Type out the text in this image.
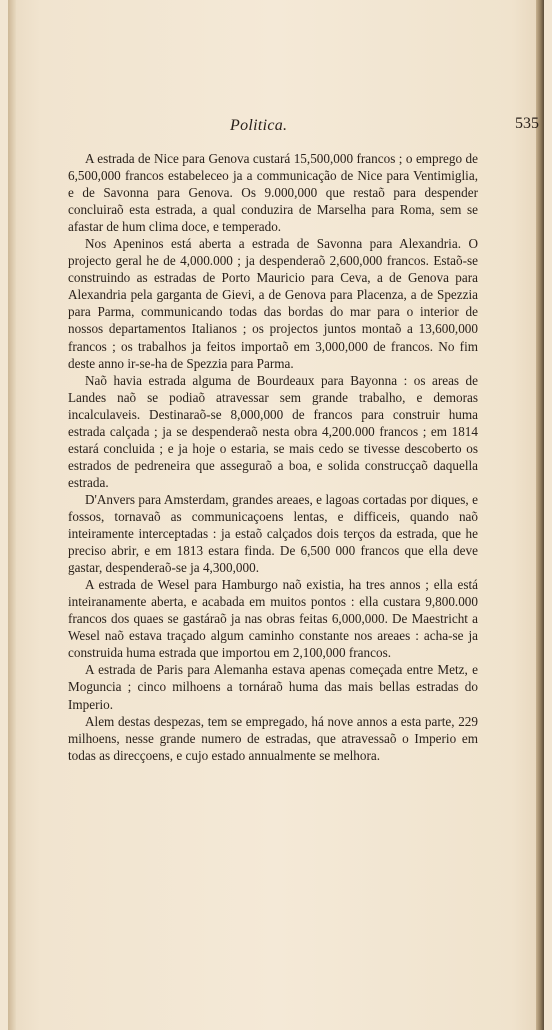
Politica.	535

A estrada de Nice para Genova custará 15,500,000 francos ; o emprego de 6,500,000 francos estabeleceo ja a communicação de Nice para Ventimiglia, e de Savonna para Genova. Os 9.000,000 que restaõ para despender concluiraõ esta estrada, a qual conduzira de Marselha para Roma, sem se afastar de hum clima doce, e temperado.

Nos Apeninos está aberta a estrada de Savonna para Alexandria. O projecto geral he de 4,000.000 ; ja despenderaõ 2,600,000 francos. Estaõ-se construindo as estradas de Porto Mauricio para Ceva, a de Genova para Alexandria pela garganta de Gievi, a de Genova para Placenza, a de Spezzia para Parma, communicando todas das bordas do mar para o interior de nossos departamentos Italianos ; os projectos juntos montaõ a 13,600,000 francos ; os trabalhos ja feitos importaõ em 3,000,000 de francos. No fim deste anno ir-se-ha de Spezzia para Parma.

Naõ havia estrada alguma de Bourdeaux para Bayonna : os areas de Landes naõ se podiaõ atravessar sem grande trabalho, e demoras incalculaveis. Destinaraõ-se 8,000,000 de francos para construir huma estrada calçada ; ja se despenderaõ nesta obra 4,200.000 francos ; em 1814 estará concluida ; e ja hoje o estaria, se mais cedo se tivesse descoberto os estrados de pedreneira que asseguraõ a boa, e solida construcçaõ daquella estrada.

D'Anvers para Amsterdam, grandes areaes, e lagoas cortadas por diques, e fossos, tornavaõ as communicaçoens lentas, e difficeis, quando naõ inteiramente interceptadas : ja estaõ calçados dois terços da estrada, que he preciso abrir, e em 1813 estara finda. De 6,500 000 francos que ella deve gastar, despenderaõ-se ja 4,300,000.

A estrada de Wesel para Hamburgo naõ existia, ha tres annos ; ella está inteiranamente aberta, e acabada em muitos pontos : ella custara 9,800.000 francos dos quaes se gastáraõ ja nas obras feitas 6,000,000. De Maestricht a Wesel naõ estava traçado algum caminho constante nos areaes : acha-se ja construida huma estrada que importou em 2,100,000 francos.

A estrada de Paris para Alemanha estava apenas começada entre Metz, e Moguncia ; cinco milhoens a tornáraõ huma das mais bellas estradas do Imperio.

Alem destas despezas, tem se empregado, há nove annos a esta parte, 229 milhoens, nesse grande numero de estradas, que atravessaõ o Imperio em todas as direcçoens, e cujo estado annualmente se melhora.
